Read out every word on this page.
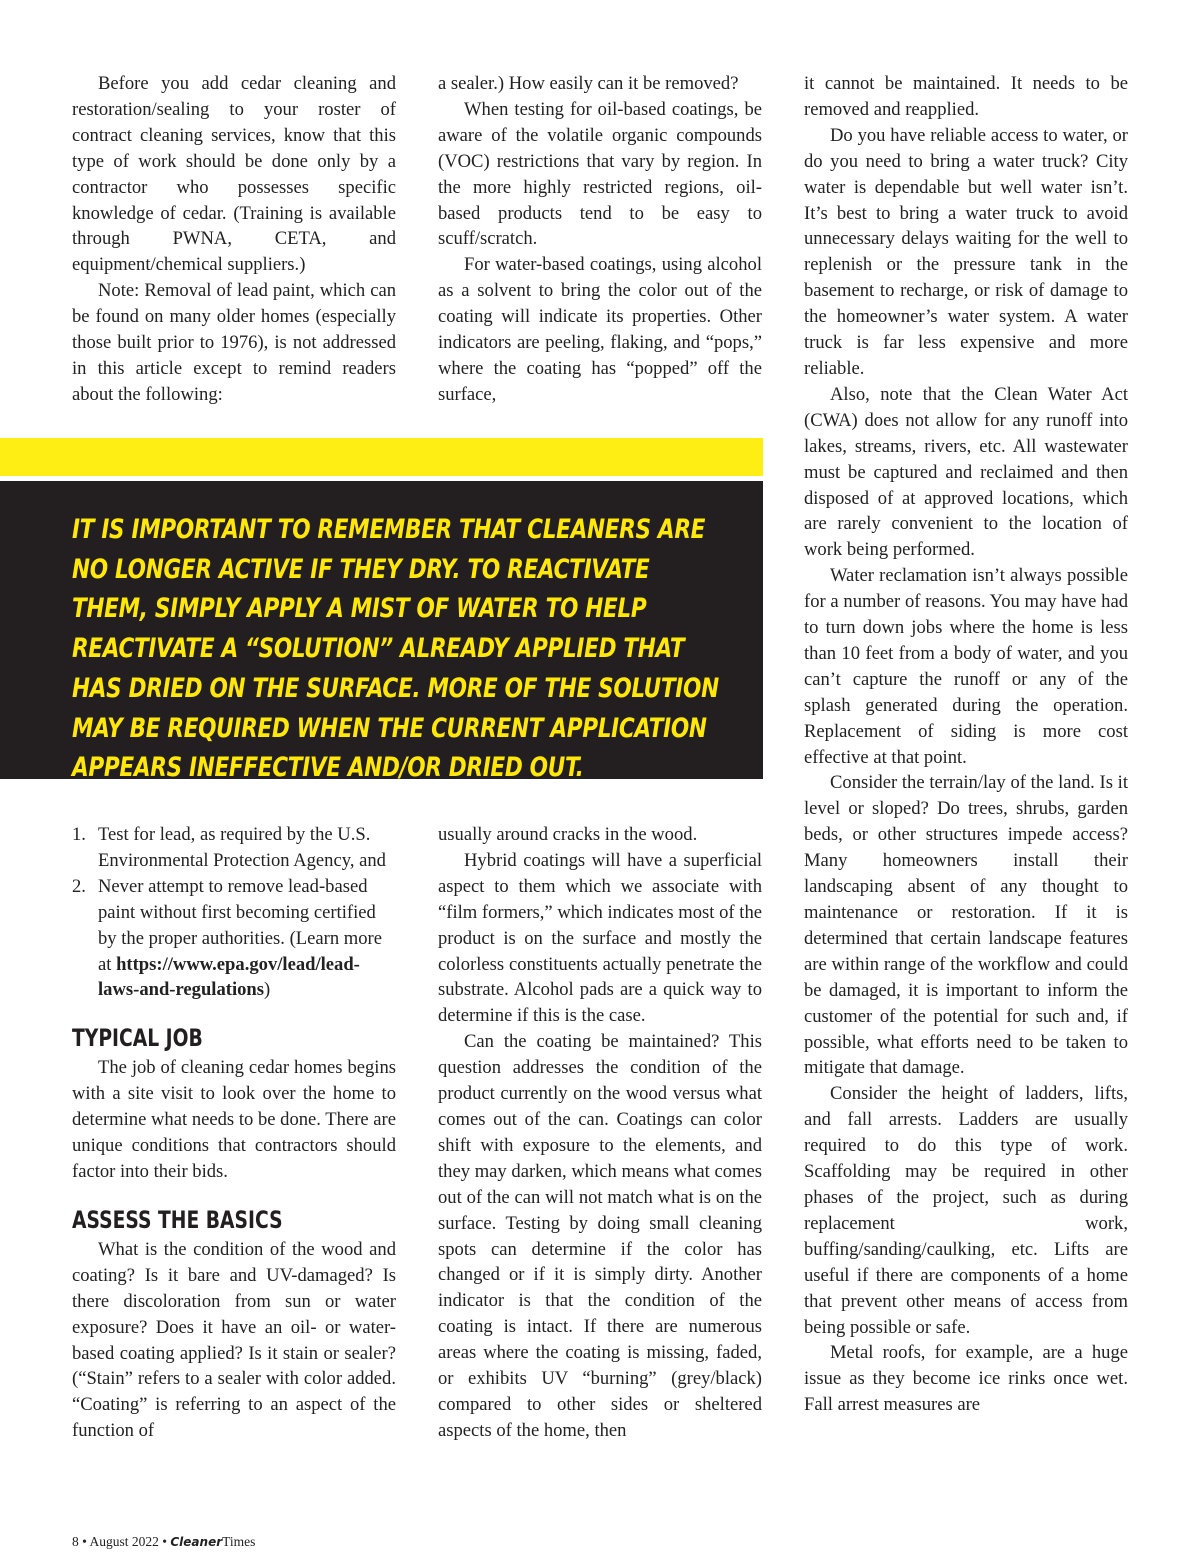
Before you add cedar cleaning and restoration/sealing to your roster of contract cleaning services, know that this type of work should be done only by a contractor who possesses specific knowledge of cedar. (Training is available through PWNA, CETA, and equipment/chemical suppliers.)

Note: Removal of lead paint, which can be found on many older homes (especially those built prior to 1976), is not addressed in this article except to remind readers about the following:

a sealer.) How easily can it be removed?

When testing for oil-based coatings, be aware of the volatile organic compounds (VOC) restrictions that vary by region. In the more highly restricted regions, oil-based products tend to be easy to scuff/scratch.

For water-based coatings, using alcohol as a solvent to bring the color out of the coating will indicate its properties. Other indicators are peeling, flaking, and “pops,” where the coating has “popped” off the surface,

IT IS IMPORTANT TO REMEMBER THAT CLEANERS ARE NO LONGER ACTIVE IF THEY DRY. TO REACTIVATE THEM, SIMPLY APPLY A MIST OF WATER TO HELP REACTIVATE A “SOLUTION” ALREADY APPLIED THAT HAS DRIED ON THE SURFACE. MORE OF THE SOLUTION MAY BE REQUIRED WHEN THE CURRENT APPLICATION APPEARS INEFFECTIVE AND/OR DRIED OUT.
1. Test for lead, as required by the U.S. Environmental Protection Agency, and
2. Never attempt to remove lead-based paint without first becoming certified by the proper authorities. (Learn more at https://www.epa.gov/lead/lead-laws-and-regulations)
TYPICAL JOB

The job of cleaning cedar homes begins with a site visit to look over the home to determine what needs to be done. There are unique conditions that contractors should factor into their bids.

ASSESS THE BASICS

What is the condition of the wood and coating? Is it bare and UV-damaged? Is there discoloration from sun or water exposure? Does it have an oil- or water-based coating applied? Is it stain or sealer? (“Stain” refers to a sealer with color added. “Coating” is referring to an aspect of the function of

usually around cracks in the wood.

Hybrid coatings will have a superficial aspect to them which we associate with “film formers,” which indicates most of the product is on the surface and mostly the colorless constituents actually penetrate the substrate. Alcohol pads are a quick way to determine if this is the case.

Can the coating be maintained? This question addresses the condition of the product currently on the wood versus what comes out of the can. Coatings can color shift with exposure to the elements, and they may darken, which means what comes out of the can will not match what is on the surface. Testing by doing small cleaning spots can determine if the color has changed or if it is simply dirty. Another indicator is that the condition of the coating is intact. If there are numerous areas where the coating is missing, faded, or exhibits UV “burning” (grey/black) compared to other sides or sheltered aspects of the home, then

it cannot be maintained. It needs to be removed and reapplied.

Do you have reliable access to water, or do you need to bring a water truck? City water is dependable but well water isn’t. It’s best to bring a water truck to avoid unnecessary delays waiting for the well to replenish or the pressure tank in the basement to recharge, or risk of damage to the homeowner’s water system. A water truck is far less expensive and more reliable.

Also, note that the Clean Water Act (CWA) does not allow for any runoff into lakes, streams, rivers, etc. All wastewater must be captured and reclaimed and then disposed of at approved locations, which are rarely convenient to the location of work being performed.

Water reclamation isn’t always possible for a number of reasons. You may have had to turn down jobs where the home is less than 10 feet from a body of water, and you can’t capture the runoff or any of the splash generated during the operation. Replacement of siding is more cost effective at that point.

Consider the terrain/lay of the land. Is it level or sloped? Do trees, shrubs, garden beds, or other structures impede access? Many homeowners install their landscaping absent of any thought to maintenance or restoration. If it is determined that certain landscape features are within range of the workflow and could be damaged, it is important to inform the customer of the potential for such and, if possible, what efforts need to be taken to mitigate that damage.

Consider the height of ladders, lifts, and fall arrests. Ladders are usually required to do this type of work. Scaffolding may be required in other phases of the project, such as during replacement work, buffing/sanding/caulking, etc. Lifts are useful if there are components of a home that prevent other means of access from being possible or safe.

Metal roofs, for example, are a huge issue as they become ice rinks once wet. Fall arrest measures are

8 • August 2022 • CleanerTimes
